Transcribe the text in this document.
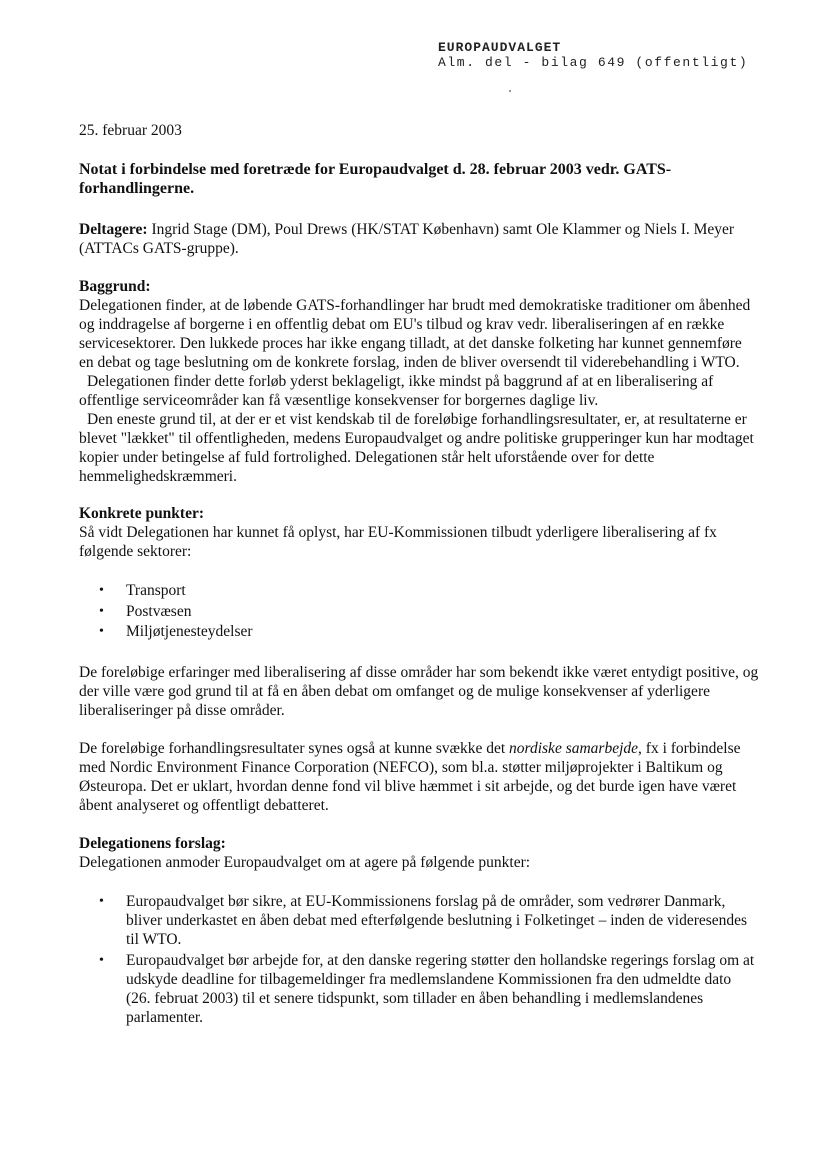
EUROPAUDVALGET
Alm. del - bilag 649 (offentligt)

25. februar 2003

Notat i forbindelse med foretræde for Europaudvalget d. 28. februar 2003 vedr. GATS-forhandlingerne.

Deltagere: Ingrid Stage (DM), Poul Drews (HK/STAT København) samt Ole Klammer og Niels I. Meyer (ATTACs GATS-gruppe).

Baggrund:

Delegationen finder, at de løbende GATS-forhandlinger har brudt med demokratiske traditioner om åbenhed og inddragelse af borgerne i en offentlig debat om EU's tilbud og krav vedr. liberaliseringen af en række servicesektorer. Den lukkede proces har ikke engang tilladt, at det danske folketing har kunnet gennemføre en debat og tage beslutning om de konkrete forslag, inden de bliver oversendt til viderebehandling i WTO.

Delegationen finder dette forløb yderst beklageligt, ikke mindst på baggrund af at en liberalisering af offentlige serviceområder kan få væsentlige konsekvenser for borgernes daglige liv.

Den eneste grund til, at der er et vist kendskab til de foreløbige forhandlingsresultater, er, at resultaterne er blevet "lækket" til offentligheden, medens Europaudvalget og andre politiske grupperinger kun har modtaget kopier under betingelse af fuld fortrolighed. Delegationen står helt uforstående over for dette hemmelighedskræmmeri.

Konkrete punkter:

Så vidt Delegationen har kunnet få oplyst, har EU-Kommissionen tilbudt yderligere liberalisering af fx følgende sektorer:

• Transport
• Postvæsen
• Miljøtjenesteydelser

De foreløbige erfaringer med liberalisering af disse områder har som bekendt ikke været entydigt positive, og der ville være god grund til at få en åben debat om omfanget og de mulige konsekvenser af yderligere liberaliseringer på disse områder.

De foreløbige forhandlingsresultater synes også at kunne svække det nordiske samarbejde, fx i forbindelse med Nordic Environment Finance Corporation (NEFCO), som bl.a. støtter miljøprojekter i Baltikum og Østeuropa. Det er uklart, hvordan denne fond vil blive hæmmet i sit arbejde, og det burde igen have været åbent analyseret og offentligt debatteret.

Delegationens forslag:

Delegationen anmoder Europaudvalget om at agere på følgende punkter:

• Europaudvalget bør sikre, at EU-Kommissionens forslag på de områder, som vedrører Danmark, bliver underkastet en åben debat med efterfølgende beslutning i Folketinget – inden de videresendes til WTO.
• Europaudvalget bør arbejde for, at den danske regering støtter den hollandske regerings forslag om at udskyde deadline for tilbagemeldinger fra medlemslandene Kommissionen fra den udmeldte dato (26. februat 2003) til et senere tidspunkt, som tillader en åben behandling i medlemslandenes parlamenter.
